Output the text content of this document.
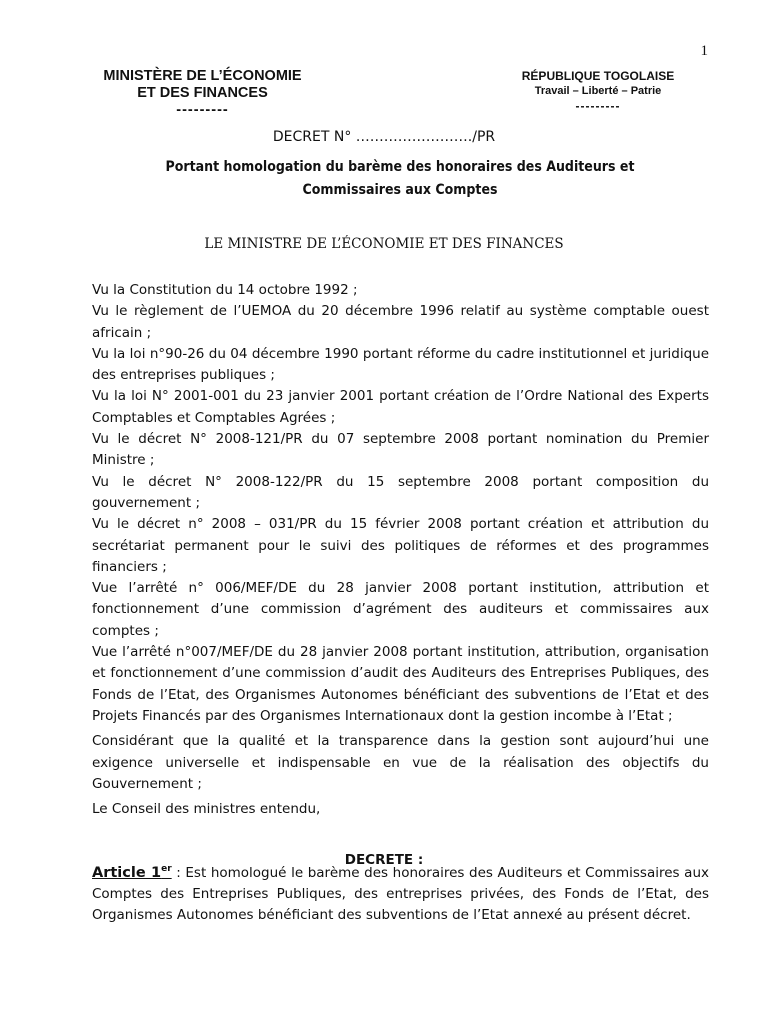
1
MINISTÈRE DE L’ÉCONOMIE
ET DES FINANCES
---------
RÉPUBLIQUE TOGOLAISE
Travail – Liberté – Patrie
---------
DECRET N° ……………………./PR
Portant homologation du barème des honoraires des Auditeurs et Commissaires aux Comptes
LE MINISTRE DE L’ÉCONOMIE ET DES FINANCES

Vu la Constitution du 14 octobre 1992 ;

Vu le règlement de l’UEMOA du 20 décembre 1996 relatif au système comptable ouest africain ;

Vu la loi n°90-26 du 04 décembre 1990 portant réforme du cadre institutionnel et juridique des entreprises publiques ;

Vu la loi N° 2001-001 du 23 janvier 2001 portant création de l’Ordre National des Experts Comptables et Comptables Agrées ;

Vu le décret N° 2008-121/PR du 07 septembre 2008 portant nomination du Premier Ministre ;

Vu le décret N° 2008-122/PR du 15 septembre 2008 portant composition du gouvernement ;

Vu le décret n° 2008 – 031/PR du 15 février 2008 portant création et attribution du secrétariat permanent pour le suivi des politiques de réformes et des programmes financiers ;

Vue l’arrêté n° 006/MEF/DE du 28 janvier 2008 portant institution, attribution et fonctionnement d’une commission d’agrément des auditeurs et commissaires aux comptes ;

Vue l’arrêté n°007/MEF/DE du 28 janvier 2008 portant institution, attribution, organisation et fonctionnement d’une commission d’audit des Auditeurs des Entreprises Publiques, des Fonds de l’Etat, des Organismes Autonomes bénéficiant des subventions de l’Etat et des Projets Financés par des Organismes Internationaux dont la gestion incombe à l’Etat ;

Considérant que la qualité et la transparence dans la gestion sont aujourd’hui une exigence universelle et indispensable en vue de la réalisation des objectifs du Gouvernement ;

Le Conseil des ministres entendu,

DECRETE :
Article 1er : Est homologué le barème des honoraires des Auditeurs et Commissaires aux Comptes des Entreprises Publiques, des entreprises privées, des Fonds de l’Etat, des Organismes Autonomes bénéficiant des subventions de l’Etat annexé au présent décret.
